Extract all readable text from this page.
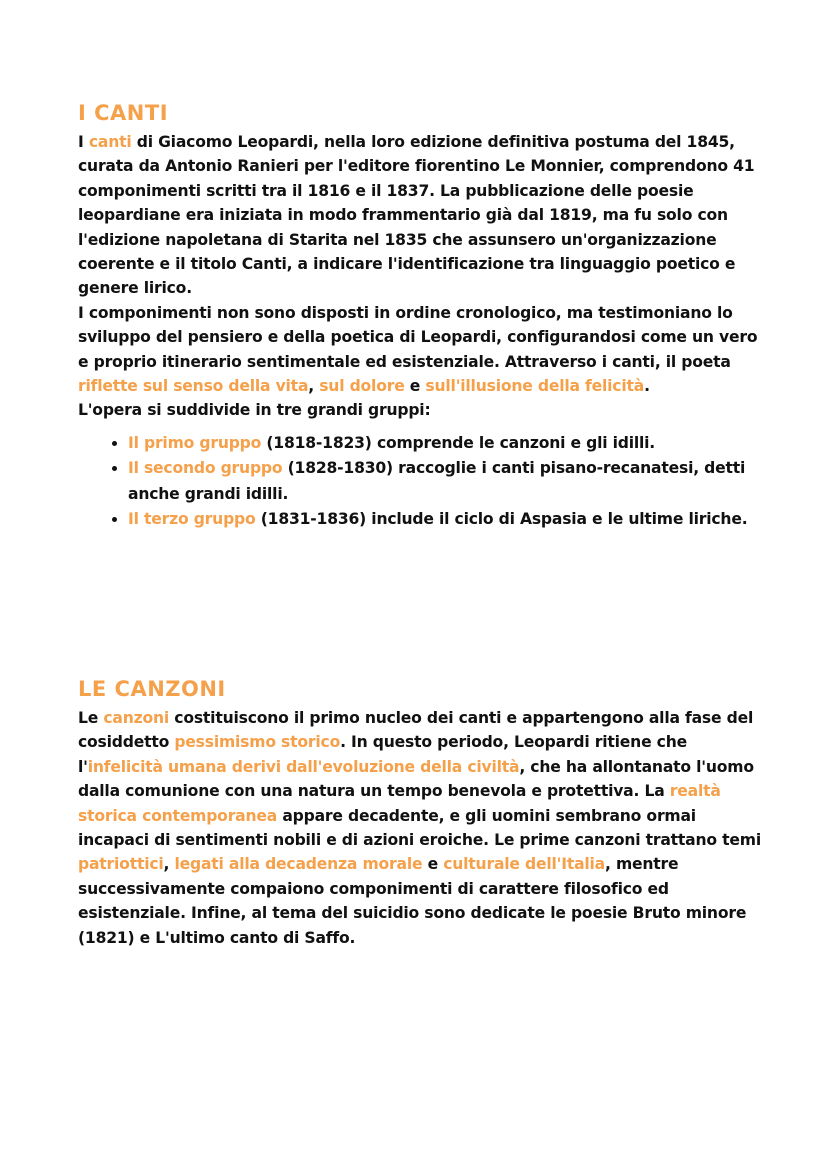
I CANTI

I canti di Giacomo Leopardi, nella loro edizione definitiva postuma del 1845, curata da Antonio Ranieri per l'editore fiorentino Le Monnier, comprendono 41 componimenti scritti tra il 1816 e il 1837. La pubblicazione delle poesie leopardiane era iniziata in modo frammentario già dal 1819, ma fu solo con l'edizione napoletana di Starita nel 1835 che assunsero un'organizzazione coerente e il titolo Canti, a indicare l'identificazione tra linguaggio poetico e genere lirico.

I componimenti non sono disposti in ordine cronologico, ma testimoniano lo sviluppo del pensiero e della poetica di Leopardi, configurandosi come un vero e proprio itinerario sentimentale ed esistenziale. Attraverso i canti, il poeta riflette sul senso della vita, sul dolore e sull'illusione della felicità.

L'opera si suddivide in tre grandi gruppi:

• Il primo gruppo (1818-1823) comprende le canzoni e gli idilli.
• Il secondo gruppo (1828-1830) raccoglie i canti pisano-recanatesi, detti anche grandi idilli.
• Il terzo gruppo (1831-1836) include il ciclo di Aspasia e le ultime liriche.
LE CANZONI

Le canzoni costituiscono il primo nucleo dei canti e appartengono alla fase del cosiddetto pessimismo storico. In questo periodo, Leopardi ritiene che l'infelicità umana derivi dall'evoluzione della civiltà, che ha allontanato l'uomo dalla comunione con una natura un tempo benevola e protettiva. La realtà storica contemporanea appare decadente, e gli uomini sembrano ormai incapaci di sentimenti nobili e di azioni eroiche. Le prime canzoni trattano temi patriottici, legati alla decadenza morale e culturale dell'Italia, mentre successivamente compaiono componimenti di carattere filosofico ed esistenziale. Infine, al tema del suicidio sono dedicate le poesie Bruto minore (1821) e L'ultimo canto di Saffo.
